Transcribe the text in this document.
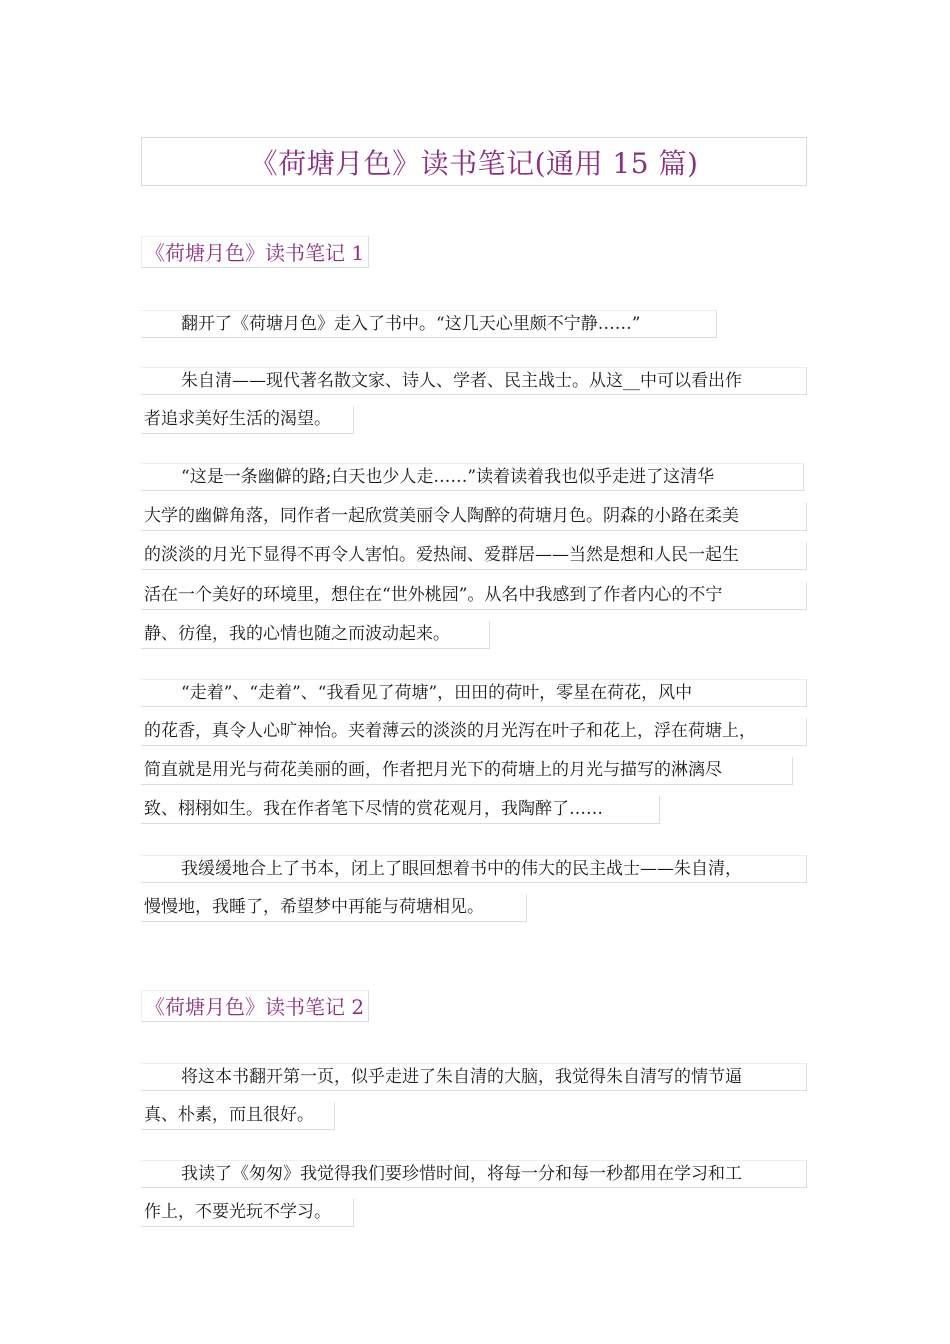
《荷塘月色》读书笔记(通用 15 篇)
《荷塘月色》读书笔记 1
翻开了《荷塘月色》走入了书中。“这几天心里颇不宁静……”
朱自清——现代著名散文家、诗人、学者、民主战士。从这__中可以看出作
者追求美好生活的渴望。
“这是一条幽僻的路;白天也少人走……”读着读着我也似乎走进了这清华
大学的幽僻角落，同作者一起欣赏美丽令人陶醉的荷塘月色。阴森的小路在柔美
的淡淡的月光下显得不再令人害怕。爱热闹、爱群居——当然是想和人民一起生
活在一个美好的环境里，想住在“世外桃园”。从名中我感到了作者内心的不宁
静、彷徨，我的心情也随之而波动起来。
“走着”、“走着”、“我看见了荷塘”，田田的荷叶，零星在荷花，风中
的花香，真令人心旷神怡。夹着薄云的淡淡的月光泻在叶子和花上，浮在荷塘上，
简直就是用光与荷花美丽的画，作者把月光下的荷塘上的月光与描写的淋漓尽
致、栩栩如生。我在作者笔下尽情的赏花观月，我陶醉了……
我缓缓地合上了书本，闭上了眼回想着书中的伟大的民主战士——朱自清，
慢慢地，我睡了，希望梦中再能与荷塘相见。
《荷塘月色》读书笔记 2
将这本书翻开第一页，似乎走进了朱自清的大脑，我觉得朱自清写的情节逼
真、朴素，而且很好。
我读了《匆匆》我觉得我们要珍惜时间，将每一分和每一秒都用在学习和工
作上，不要光玩不学习。
